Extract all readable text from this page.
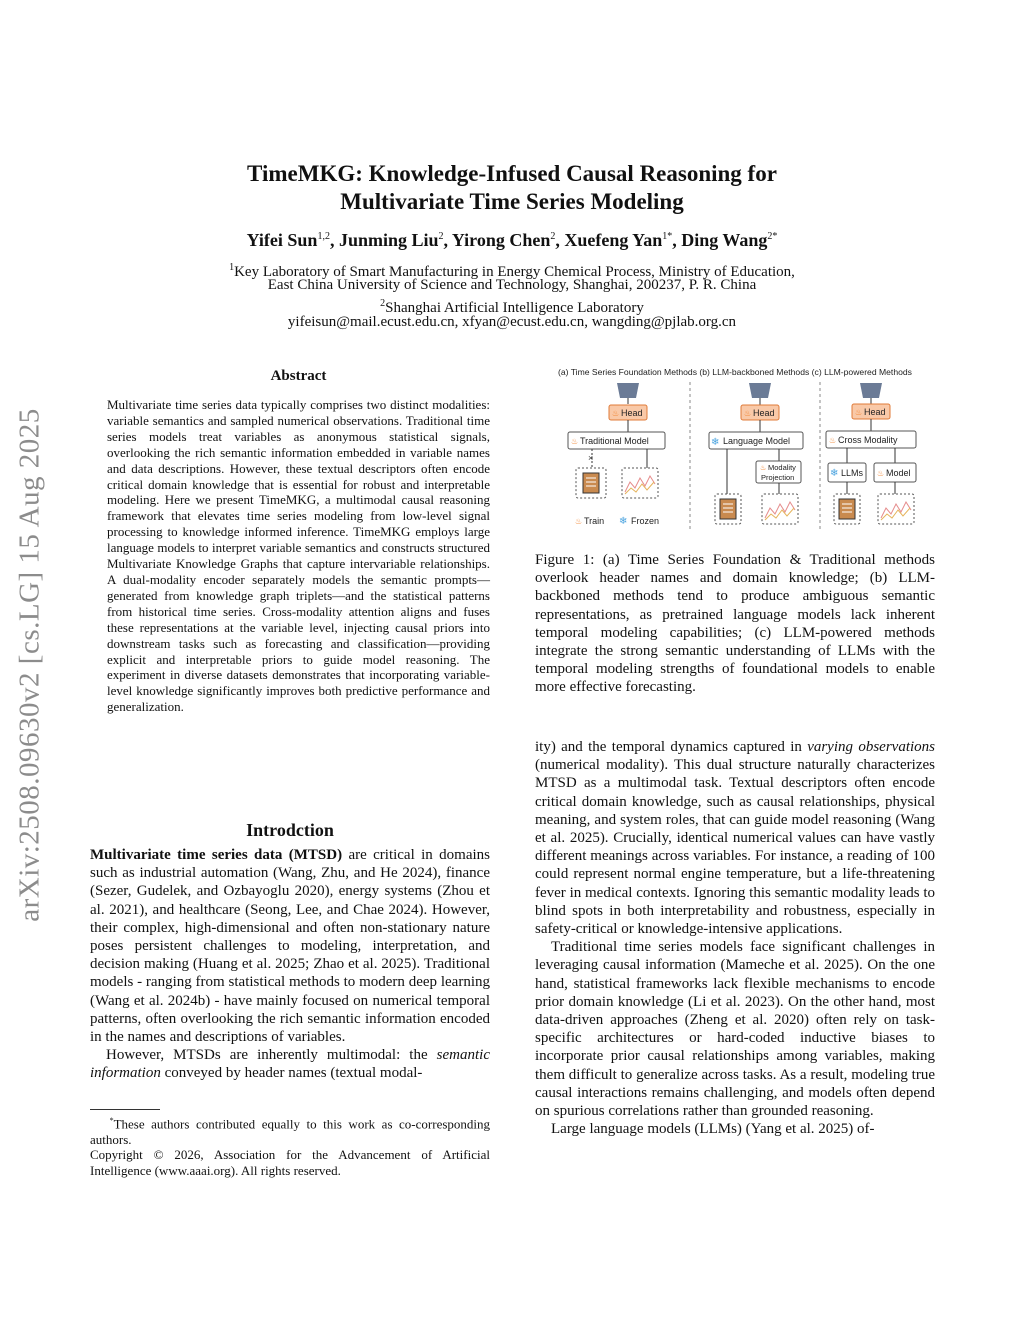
arXiv:2508.09630v2 [cs.LG] 15 Aug 2025
TimeMKG: Knowledge-Infused Causal Reasoning for
Multivariate Time Series Modeling
Yifei Sun$^{1,2}$, Junming Liu$^2$, Yirong Chen$^2$, Xuefeng Yan$^{1*}$, Ding Wang$^{2*}$
$^1$Key Laboratory of Smart Manufacturing in Energy Chemical Process, Ministry of Education,
East China University of Science and Technology, Shanghai, 200237, P. R. China
$^2$Shanghai Artificial Intelligence Laboratory
yifeisun@mail.ecust.edu.cn, xfyan@ecust.edu.cn, wangding@pjlab.org.cn
Abstract
Multivariate time series data typically comprises two distinct modalities: variable semantics and sampled numerical observations. Traditional time series models treat variables as anonymous statistical signals, overlooking the rich semantic information embedded in variable names and data descriptions. However, these textual descriptors often encode critical domain knowledge that is essential for robust and interpretable modeling. Here we present TimeMKG, a multimodal causal reasoning framework that elevates time series modeling from low-level signal processing to knowledge informed inference. TimeMKG employs large language models to interpret variable semantics and constructs structured Multivariate Knowledge Graphs that capture intervariable relationships. A dual-modality encoder separately models the semantic prompts—generated from knowledge graph triplets—and the statistical patterns from historical time series. Cross-modality attention aligns and fuses these representations at the variable level, injecting causal priors into downstream tasks such as forecasting and classification—providing explicit and interpretable priors to guide model reasoning. The experiment in diverse datasets demonstrates that incorporating variable-level knowledge significantly improves both predictive performance and generalization.
Introdction

Multivariate time series data (MTSD) are critical in domains such as industrial automation (Wang, Zhu, and He 2024), finance (Sezer, Gudelek, and Ozbayoglu 2020), energy systems (Zhou et al. 2021), and healthcare (Seong, Lee, and Chae 2024). However, their complex, high-dimensional and often non-stationary nature poses persistent challenges to modeling, interpretation, and decision making (Huang et al. 2025; Zhao et al. 2025). Traditional models - ranging from statistical methods to modern deep learning (Wang et al. 2024b) - have mainly focused on numerical temporal patterns, often overlooking the rich semantic information encoded in the names and descriptions of variables.

However, MTSDs are inherently multimodal: the semantic information conveyed by header names (textual modal-

*These authors contributed equally to this work as co-corresponding authors.

Copyright © 2026, Association for the Advancement of Artificial Intelligence (www.aaai.org). All rights reserved.

(a) Time Series Foundation Methods (b) LLM-backboned Methods (c) LLM-powered Methods
♨ Head
♨ Traditional Model
×
♨ Train ❄ Frozen
♨ Head
❄ Language Model
♨ Modality
Projection
♨ Head
♨ Cross Modality
❄ LLMs ♨ Model
Figure 1: (a) Time Series Foundation & Traditional methods overlook header names and domain knowledge; (b) LLM-backboned methods tend to produce ambiguous semantic representations, as pretrained language models lack inherent temporal modeling capabilities; (c) LLM-powered methods integrate the strong semantic understanding of LLMs with the temporal modeling strengths of foundational models to enable more effective forecasting.

ity) and the temporal dynamics captured in varying observations (numerical modality). This dual structure naturally characterizes MTSD as a multimodal task. Textual descriptors often encode critical domain knowledge, such as causal relationships, physical meaning, and system roles, that can guide model reasoning (Wang et al. 2025). Crucially, identical numerical values can have vastly different meanings across variables. For instance, a reading of 100 could represent normal engine temperature, but a life-threatening fever in medical contexts. Ignoring this semantic modality leads to blind spots in both interpretability and robustness, especially in safety-critical or knowledge-intensive applications.

Traditional time series models face significant challenges in leveraging causal information (Mameche et al. 2025). On the one hand, statistical frameworks lack flexible mechanisms to encode prior domain knowledge (Li et al. 2023). On the other hand, most data-driven approaches (Zheng et al. 2020) often rely on task-specific architectures or hard-coded inductive biases to incorporate prior causal relationships among variables, making them difficult to generalize across tasks. As a result, modeling true causal interactions remains challenging, and models often depend on spurious correlations rather than grounded reasoning.

Large language models (LLMs) (Yang et al. 2025) of-
